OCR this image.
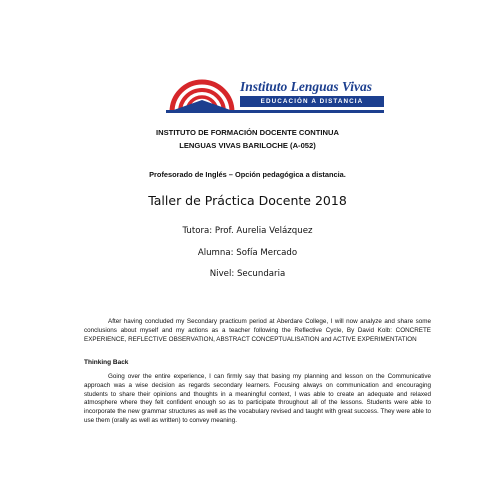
Instituto Lenguas Vivas
EDUCACIÓN A DISTANCIA
INSTITUTO DE FORMACIÓN DOCENTE CONTINUA
LENGUAS VIVAS BARILOCHE (A-052)
Profesorado de Inglés – Opción pedagógica a distancia.
Taller de Práctica Docente 2018
Tutora: Prof. Aurelia Velázquez
Alumna: Sofía Mercado
Nivel: Secundaria

After having concluded my Secondary practicum period at Aberdare College, I will now analyze and share some conclusions about myself and my actions as a teacher following the Reflective Cycle, By David Kolb: CONCRETE EXPERIENCE, REFLECTIVE OBSERVATION, ABSTRACT CONCEPTUALISATION and ACTIVE EXPERIMENTATION

Thinking Back

Going over the entire experience, I can firmly say that basing my planning and lesson on the Communicative approach was a wise decision as regards secondary learners. Focusing always on communication and encouraging students to share their opinions and thoughts in a meaningful context, I was able to create an adequate and relaxed atmosphere where they felt confident enough so as to participate throughout all of the lessons. Students were able to incorporate the new grammar structures as well as the vocabulary revised and taught with great success. They were able to use them (orally as well as written) to convey meaning.
